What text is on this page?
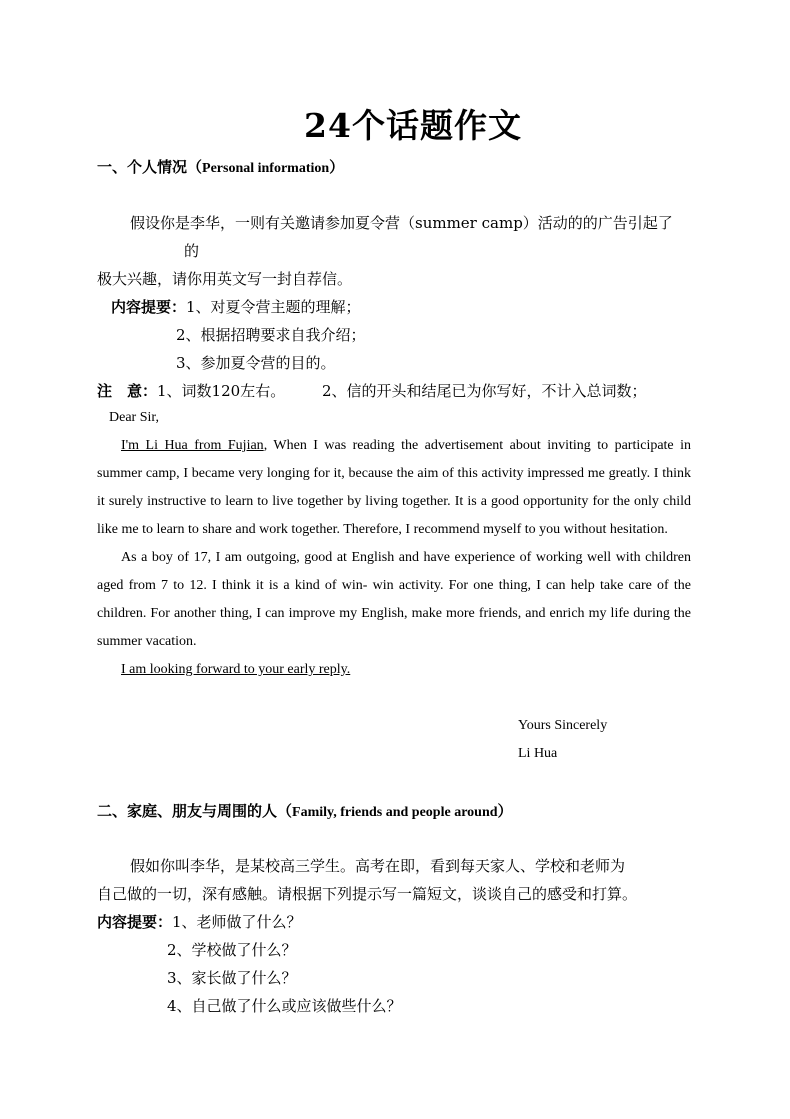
24个话题作文
一、个人情况（Personal information）
假设你是李华，一则有关邀请参加夏令营（summer camp）活动的的广告引起了
的
极大兴趣，请你用英文写一封自荐信。
内容提要：1、对夏令营主题的理解；
2、根据招聘要求自我介绍；
3、参加夏令营的目的。
注　意：1、词数120左右。 2、信的开头和结尾已为你写好，不计入总词数；
Dear Sir,

I'm Li Hua from Fujian, When I was reading the advertisement about inviting to participate in summer camp, I became very longing for it, because the aim of this activity impressed me greatly. I think it surely instructive to learn to live together by living together. It is a good opportunity for the only child like me to learn to share and work together. Therefore, I recommend myself to you without hesitation.

As a boy of 17, I am outgoing, good at English and have experience of working well with children aged from 7 to 12. I think it is a kind of win- win activity. For one thing, I can help take care of the children. For another thing, I can improve my English, make more friends, and enrich my life during the summer vacation.

I am looking forward to your early reply.

Yours Sincerely
Li Hua
二、家庭、朋友与周围的人（Family, friends and people around）
假如你叫李华，是某校高三学生。高考在即，看到每天家人、学校和老师为
自己做的一切，深有感触。请根据下列提示写一篇短文，谈谈自己的感受和打算。
内容提要：1、老师做了什么？
2、学校做了什么？
3、家长做了什么？
4、自己做了什么或应该做些什么？
